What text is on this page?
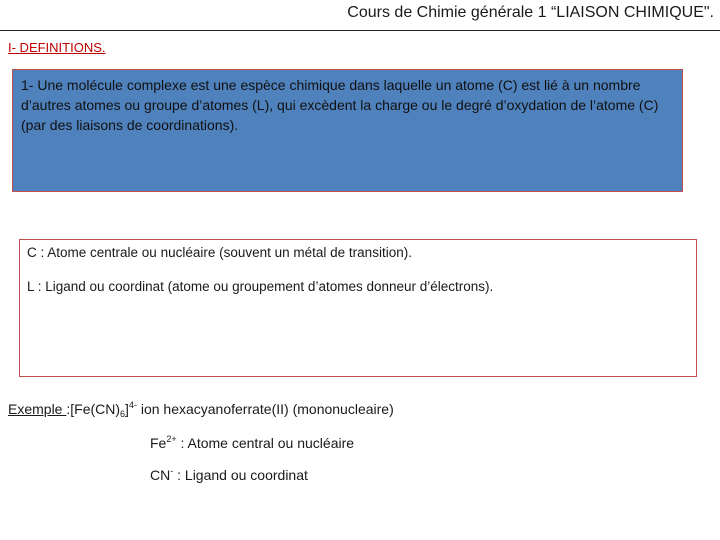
Cours de Chimie générale 1 “LIAISON CHIMIQUE".
I- DEFINITIONS.
1- Une molécule complexe est une espèce chimique dans laquelle un atome (C) est lié à un nombre d’autres atomes ou groupe d’atomes (L), qui excèdent la charge ou le degré d’oxydation de l’atome (C) (par des liaisons de coordinations).
C : Atome centrale ou nucléaire (souvent un métal de transition).
L : Ligand ou coordinat (atome ou groupement d’atomes donneur d’électrons).
Exemple $:[Fe(CN)_6]^{4-}$ ion hexacyanoferrate(II) (mononucleaire)
$Fe^{2+}$ : Atome central ou nucléaire
CN- : Ligand ou coordinat
